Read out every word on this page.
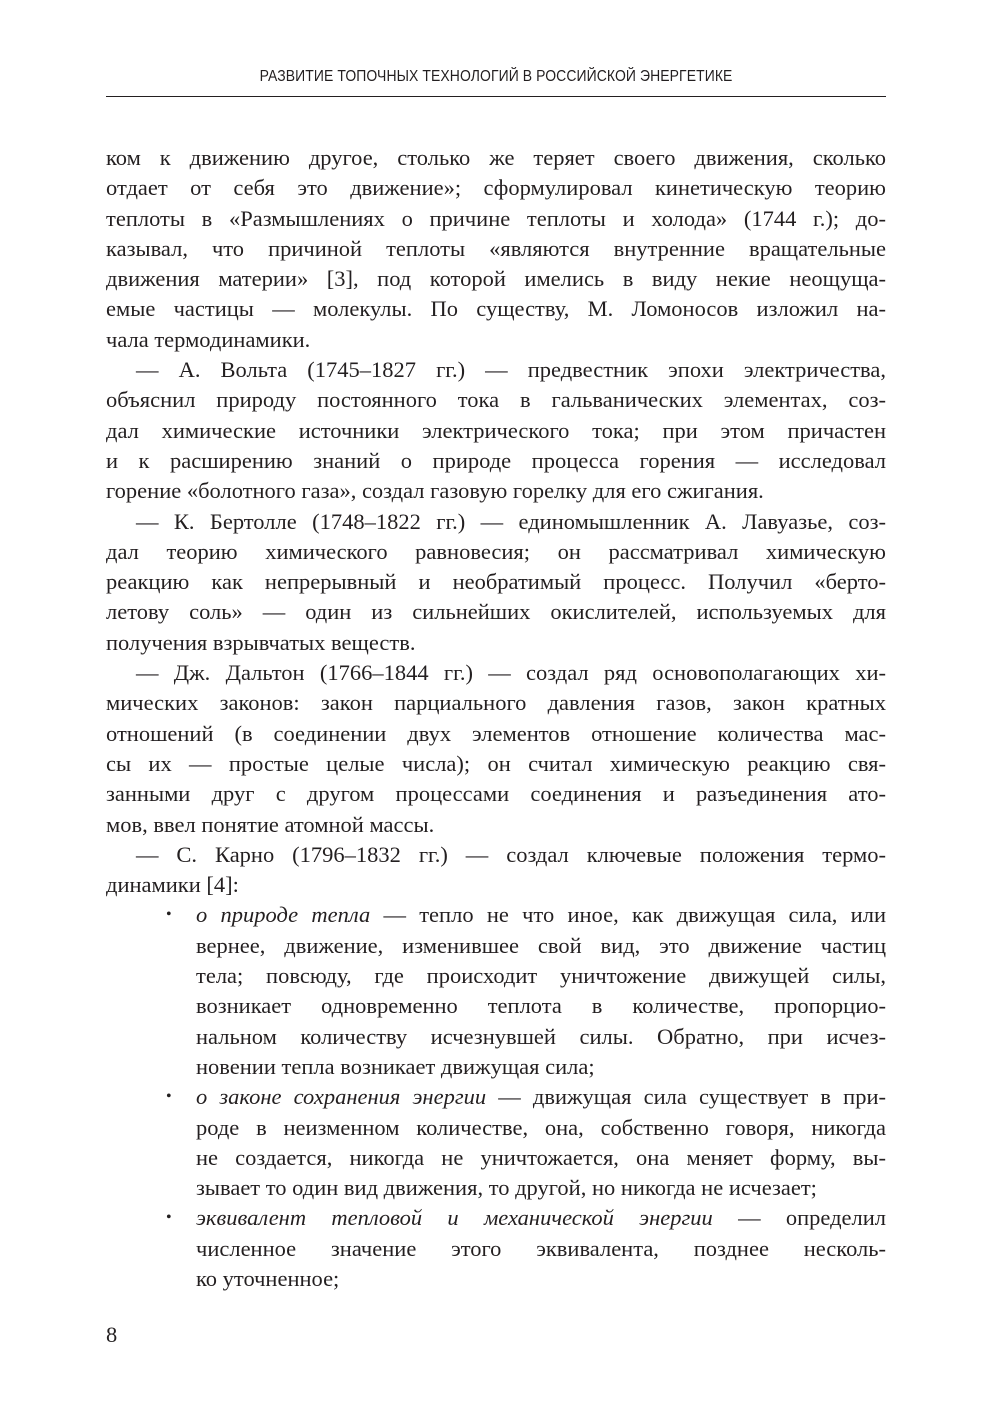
РАЗВИТИЕ ТОПОЧНЫХ ТЕХНОЛОГИЙ В РОССИЙСКОЙ ЭНЕРГЕТИКЕ

ком к движению другое, столько же теряет своего движения, сколько
отдает от себя это движение»; сформулировал кинетическую теорию
теплоты в «Размышлениях о причине теплоты и холода» (1744 г.); до-
казывал, что причиной теплоты «являются внутренние вращательные
движения материи» [3], под которой имелись в виду некие неощуща-
емые частицы — молекулы. По существу, М. Ломоносов изложил на-
чала термодинамики.

— А. Вольта (1745–1827 гг.) — предвестник эпохи электричества,
объяснил природу постоянного тока в гальванических элементах, соз-
дал химические источники электрического тока; при этом причастен
и к расширению знаний о природе процесса горения — исследовал
горение «болотного газа», создал газовую горелку для его сжигания.

— К. Бертолле (1748–1822 гг.) — единомышленник А. Лавуазье, соз-
дал теорию химического равновесия; он рассматривал химическую
реакцию как непрерывный и необратимый процесс. Получил «берто-
летову соль» — один из сильнейших окислителей, используемых для
получения взрывчатых веществ.

— Дж. Дальтон (1766–1844 гг.) — создал ряд основополагающих хи-
мических законов: закон парциального давления газов, закон кратных
отношений (в соединении двух элементов отношение количества мас-
сы их — простые целые числа); он считал химическую реакцию свя-
занными друг с другом процессами соединения и разъединения ато-
мов, ввел понятие атомной массы.

— С. Карно (1796–1832 гг.) — создал ключевые положения термо-
динамики [4]:

• о природе тепла — тепло не что иное, как движущая сила, или
вернее, движение, изменившее свой вид, это движение частиц
тела; повсюду, где происходит уничтожение движущей силы,
возникает одновременно теплота в количестве, пропорцио-
нальном количеству исчезнувшей силы. Обратно, при исчез-
новении тепла возникает движущая сила;
• о законе сохранения энергии — движущая сила существует в при-
роде в неизменном количестве, она, собственно говоря, никогда
не создается, никогда не уничтожается, она меняет форму, вы-
зывает то один вид движения, то другой, но никогда не исчезает;
• эквивалент тепловой и механической энергии — определил
численное значение этого эквивалента, позднее несколь-
ко уточненное;
8
